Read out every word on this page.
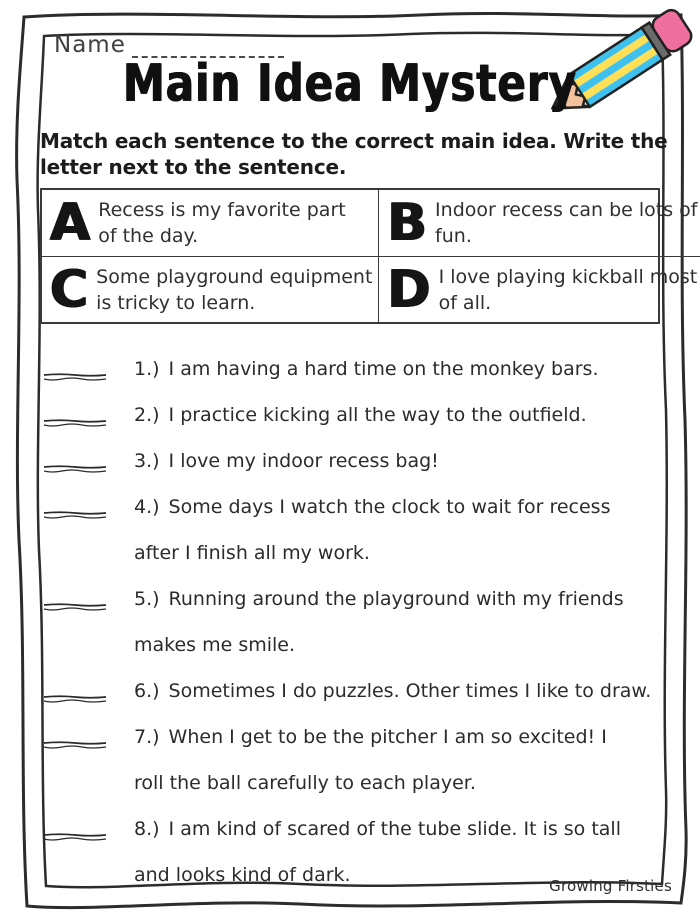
Name
Main Idea Mystery
Match each sentence to the correct main idea. Write the
letter next to the sentence.
A Recess is my favorite part
of the day.	B Indoor recess can be lots of
fun.
C Some playground equipment
is tricky to learn.	D I love playing kickball most
of all.
1.) I am having a hard time on the monkey bars.
2.) I practice kicking all the way to the outfield.
3.) I love my indoor recess bag!
4.) Some days I watch the clock to wait for recess
after I finish all my work.
5.) Running around the playground with my friends
makes me smile.
6.) Sometimes I do puzzles. Other times I like to draw.
7.) When I get to be the pitcher I am so excited! I
roll the ball carefully to each player.
8.) I am kind of scared of the tube slide. It is so tall
and looks kind of dark.	Growing Firsties
